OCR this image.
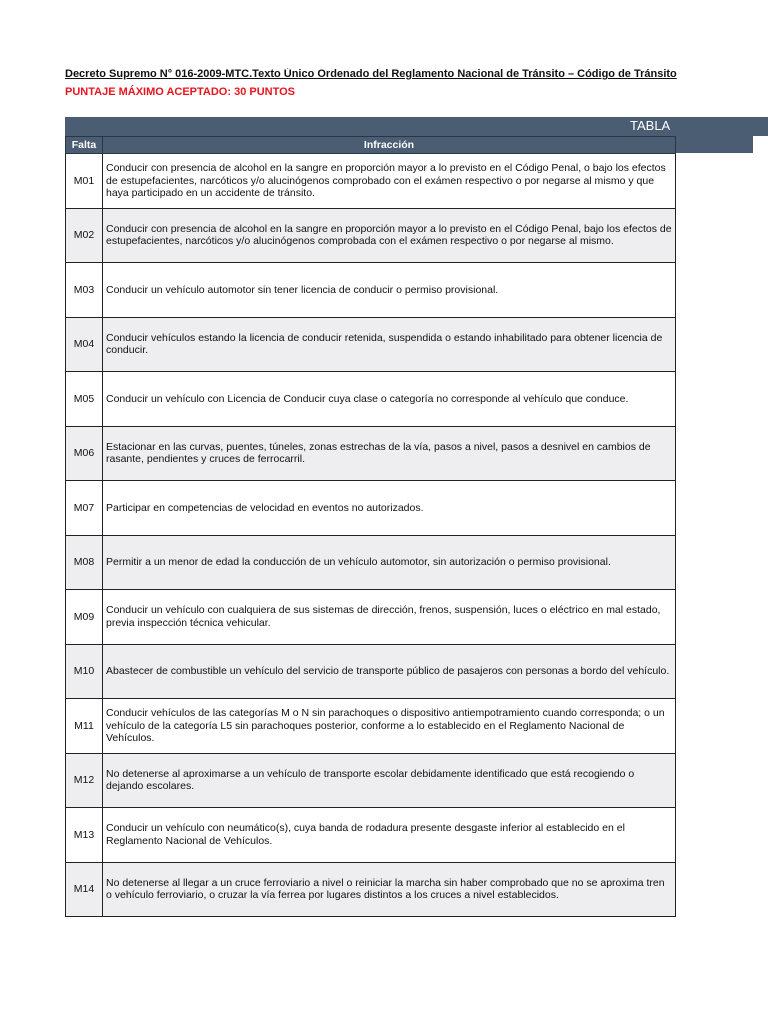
Decreto Supremo N° 016-2009-MTC.Texto Único Ordenado del Reglamento Nacional de Tránsito – Código de Tránsito
PUNTAJE MÁXIMO ACEPTADO: 30 PUNTOS
TABLA
Falta	Infracción
M01	Conducir con presencia de alcohol en la sangre en proporción mayor a lo previsto en el Código Penal, o bajo los efectos de estupefacientes, narcóticos y/o alucinógenos comprobado con el exámen respectivo o por negarse al mismo y que haya participado en un accidente de tránsito.
M02	Conducir con presencia de alcohol en la sangre en proporción mayor a lo previsto en el Código Penal, bajo los efectos de estupefacientes, narcóticos y/o alucinógenos comprobada con el exámen respectivo o por negarse al mismo.
M03	Conducir un vehículo automotor sin tener licencia de conducir o permiso provisional.
M04	Conducir vehículos estando la licencia de conducir retenida, suspendida o estando inhabilitado para obtener licencia de conducir.
M05	Conducir un vehículo con Licencia de Conducir cuya clase o categoría no corresponde al vehículo que conduce.
M06	Estacionar en las curvas, puentes, túneles, zonas estrechas de la vía, pasos a nivel, pasos a desnivel en cambios de rasante, pendientes y cruces de ferrocarril.
M07	Participar en competencias de velocidad en eventos no autorizados.
M08	Permitir a un menor de edad la conducción de un vehículo automotor, sin autorización o permiso provisional.
M09	Conducir un vehículo con cualquiera de sus sistemas de dirección, frenos, suspensión, luces o eléctrico en mal estado, previa inspección técnica vehicular.
M10	Abastecer de combustible un vehículo del servicio de transporte público de pasajeros con personas a bordo del vehículo.
M11	Conducir vehículos de las categorías M o N sin parachoques o dispositivo antiempotramiento cuando corresponda; o un vehículo de la categoría L5 sin parachoques posterior, conforme a lo establecido en el Reglamento Nacional de Vehículos.
M12	No detenerse al aproximarse a un vehículo de transporte escolar debidamente identificado que está recogiendo o dejando escolares.
M13	Conducir un vehículo con neumático(s), cuya banda de rodadura presente desgaste inferior al establecido en el Reglamento Nacional de Vehículos.
M14	No detenerse al llegar a un cruce ferroviario a nivel o reiniciar la marcha sin haber comprobado que no se aproxima tren o vehículo ferroviario, o cruzar la vía ferrea por lugares distintos a los cruces a nivel establecidos.
